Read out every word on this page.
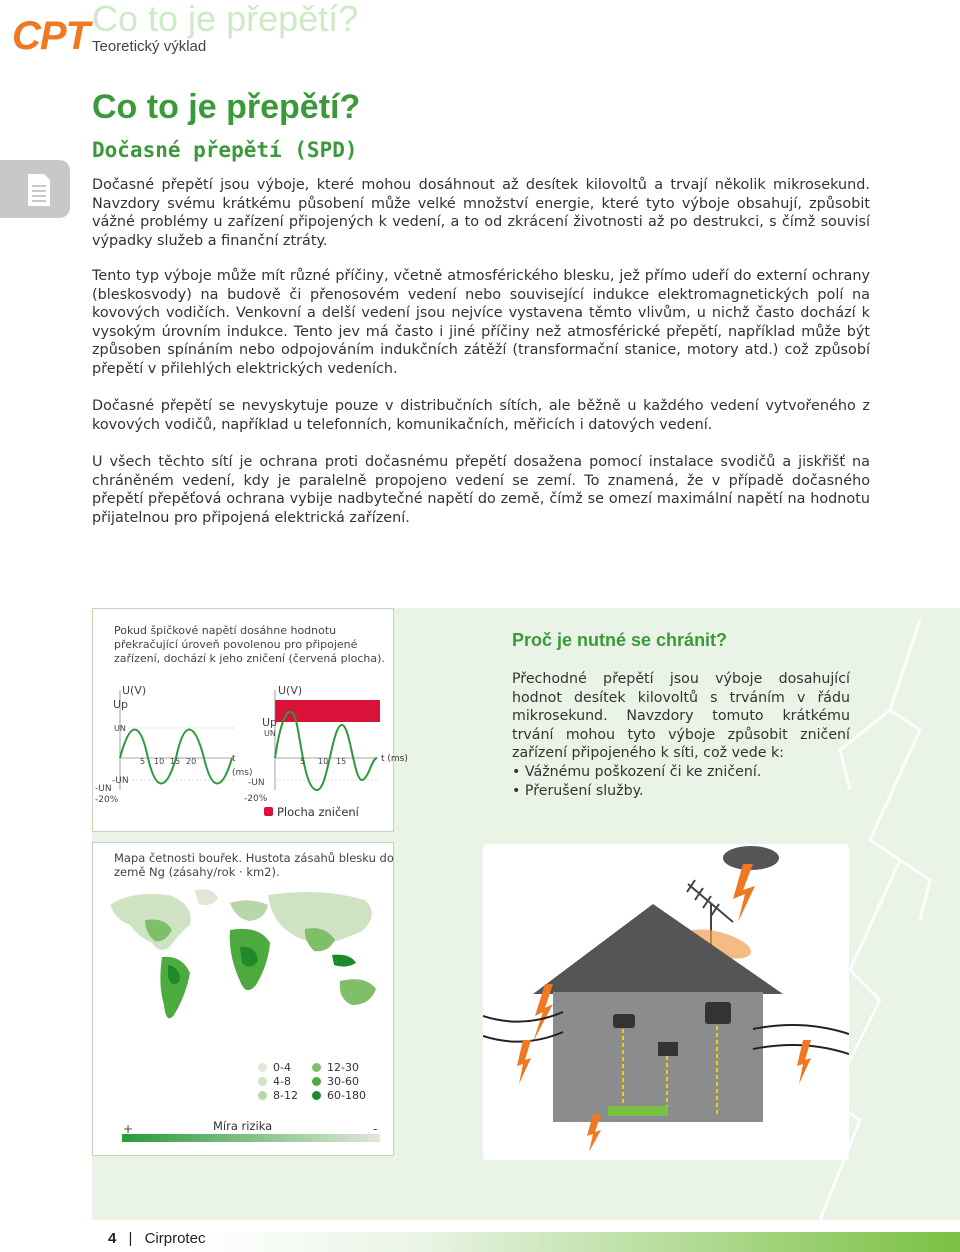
CPT Co to je přepětí?
Teoretický výklad
Co to je přepětí?
Dočasné přepětí (SPD)

Dočasné přepětí jsou výboje, které mohou dosáhnout až desítek kilovoltů a trvají několik mikrosekund. Navzdory svému krátkému působení může velké množství energie, které tyto výboje obsahují, způsobit vážné problémy u zařízení připojených k vedení, a to od zkrácení životnosti až po destrukci, s čímž souvisí výpadky služeb a finanční ztráty.

Tento typ výboje může mít různé příčiny, včetně atmosférického blesku, jež přímo udeří do externí ochrany (bleskosvody) na budově či přenosovém vedení nebo související indukce elektromagnetických polí na kovových vodičích. Venkovní a delší vedení jsou nejvíce vystavena těmto vlivům, u nichž často dochází k vysokým úrovním indukce. Tento jev má často i jiné příčiny než atmosférické přepětí, například může být způsoben spínáním nebo odpojováním indukčních zátěží (transformační stanice, motory atd.) což způsobí přepětí v přilehlých elektrických vedeních.

Dočasné přepětí se nevyskytuje pouze v distribučních sítích, ale běžně u každého vedení vytvořeného z kovových vodičů, například u telefonních, komunikačních, měřicích i datových vedení.

U všech těchto sítí je ochrana proti dočasnému přepětí dosažena pomocí instalace svodičů a jiskřišť na chráněném vedení, kdy je paralelně propojeno vedení se zemí. To znamená, že v případě dočasného přepětí přepěťová ochrana vybije nadbytečné napětí do země, čímž se omezí maximální napětí na hodnotu přijatelnou pro připojená elektrická zařízení.

Pokud špičkové napětí dosáhne hodnotu překračující úroveň povolenou pro připojené zařízení, dochází k jeho zničení (červená plocha).
U(V)
Up
UN
5 10 15 20	t (ms)
-UN
-UN
-20%
U(V)
Up
UN
5 10 15	t (ms)
-UN
-20%
Plocha zničení
Proč je nutné se chránit?

Přechodné přepětí jsou výboje dosahující hodnot desítek kilovoltů s trváním v řádu mikrosekund. Navzdory tomuto krátkému trvání mohou tyto výboje způsobit zničení zařízení připojeného k síti, což vede k:

• Vážnému poškození či ke zničení.
• Přerušení služby.
Mapa četnosti bouřek. Hustota zásahů blesku do země Ng (zásahy/rok · km2).
0-4
4-8
8-12
12-30
30-60
60-180
Míra rizika
+	-
4 | Cirprotec
